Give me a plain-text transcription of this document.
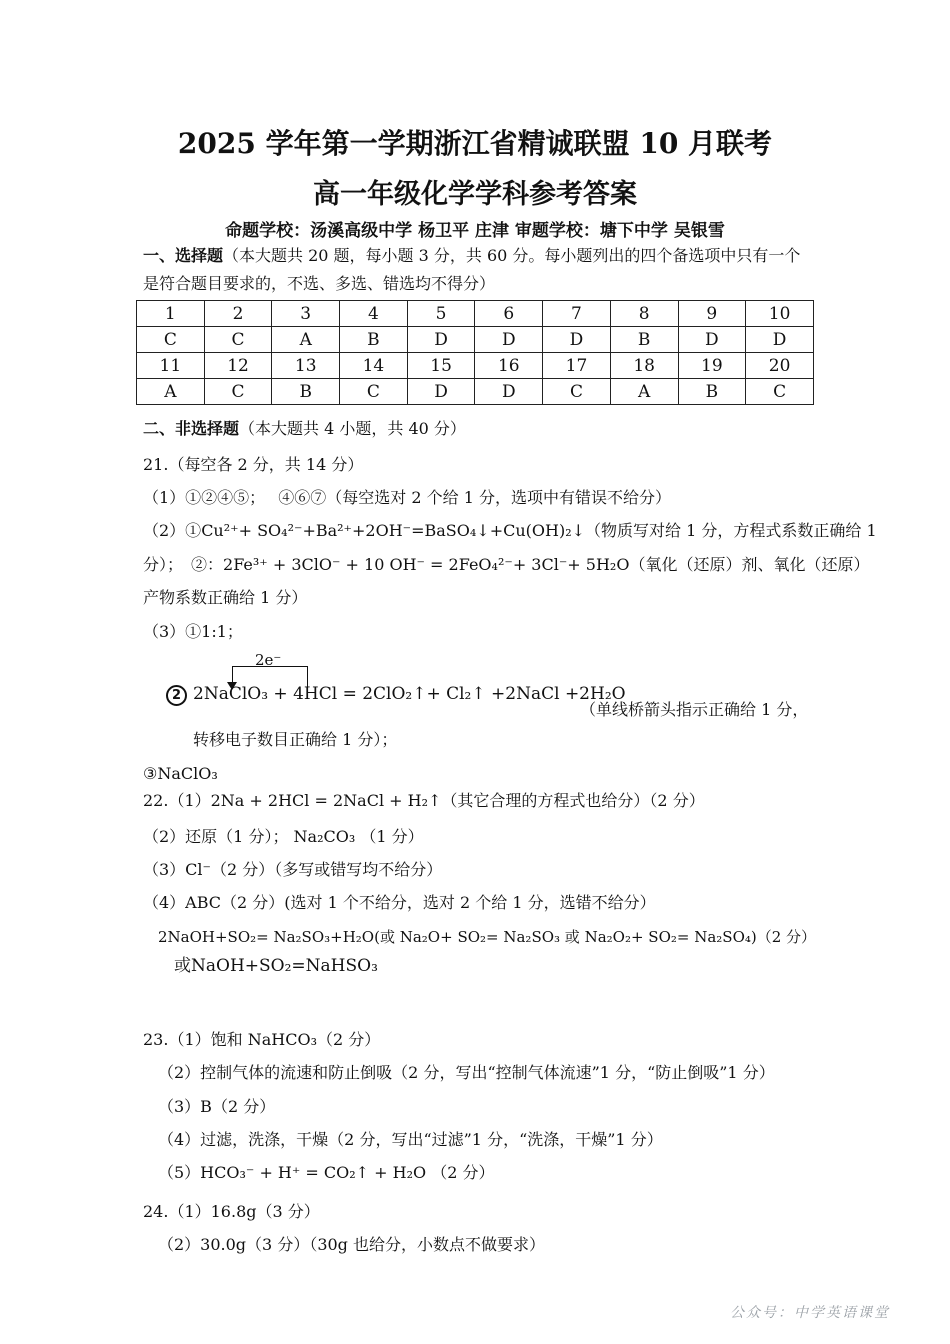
2025 学年第一学期浙江省精诚联盟 10 月联考
高一年级化学学科参考答案
命题学校：汤溪高级中学 杨卫平 庄津 审题学校：塘下中学 吴银雪
一、选择题（本大题共 20 题，每小题 3 分，共 60 分。每小题列出的四个备选项中只有一个
是符合题目要求的，不选、多选、错选均不得分）
1	2	3	4	5	6	7	8	9	10
C	C	A	B	D	D	D	B	D	D
11	12	13	14	15	16	17	18	19	20
A	C	B	C	D	D	C	A	B	C
二、非选择题（本大题共 4 小题，共 40 分）
21.（每空各 2 分，共 14 分）
（1）①②④⑤；　 ④⑥⑦（每空选对 2 个给 1 分，选项中有错误不给分）
（2）①Cu²⁺+ SO₄²⁻+Ba²⁺+2OH⁻=BaSO₄↓+Cu(OH)₂↓（物质写对给 1 分，方程式系数正确给 1
分）；　②：2Fe³⁺ + 3ClO⁻ + 10 OH⁻ = 2FeO₄²⁻+ 3Cl⁻+ 5H₂O（氧化（还原）剂、氧化（还原）
产物系数正确给 1 分）
（3）①1:1；
2e⁻
2 2NaClO₃ + 4HCl = 2ClO₂↑+ Cl₂↑ +2NaCl +2H₂O
（单线桥箭头指示正确给 1 分，
转移电子数目正确给 1 分）；
③NaClO₃
22.（1）2Na + 2HCl = 2NaCl + H₂↑（其它合理的方程式也给分）（2 分）
（2）还原（1 分）； Na₂CO₃ （1 分）
（3）Cl⁻（2 分）（多写或错写均不给分）
（4）ABC（2 分）(选对 1 个不给分，选对 2 个给 1 分，选错不给分）
2NaOH+SO₂= Na₂SO₃+H₂O(或 Na₂O+ SO₂= Na₂SO₃ 或 Na₂O₂+ SO₂= Na₂SO₄)（2 分）
或NaOH+SO₂=NaHSO₃
23.（1）饱和 NaHCO₃（2 分）
（2）控制气体的流速和防止倒吸（2 分，写出“控制气体流速”1 分，“防止倒吸”1 分）
（3）B（2 分）
（4）过滤，洗涤，干燥（2 分，写出“过滤”1 分，“洗涤，干燥”1 分）
（5）HCO₃⁻ + H⁺ = CO₂↑ + H₂O （2 分）
24.（1）16.8g（3 分）
（2）30.0g（3 分）（30g 也给分，小数点不做要求）
公众号：中学英语课堂
